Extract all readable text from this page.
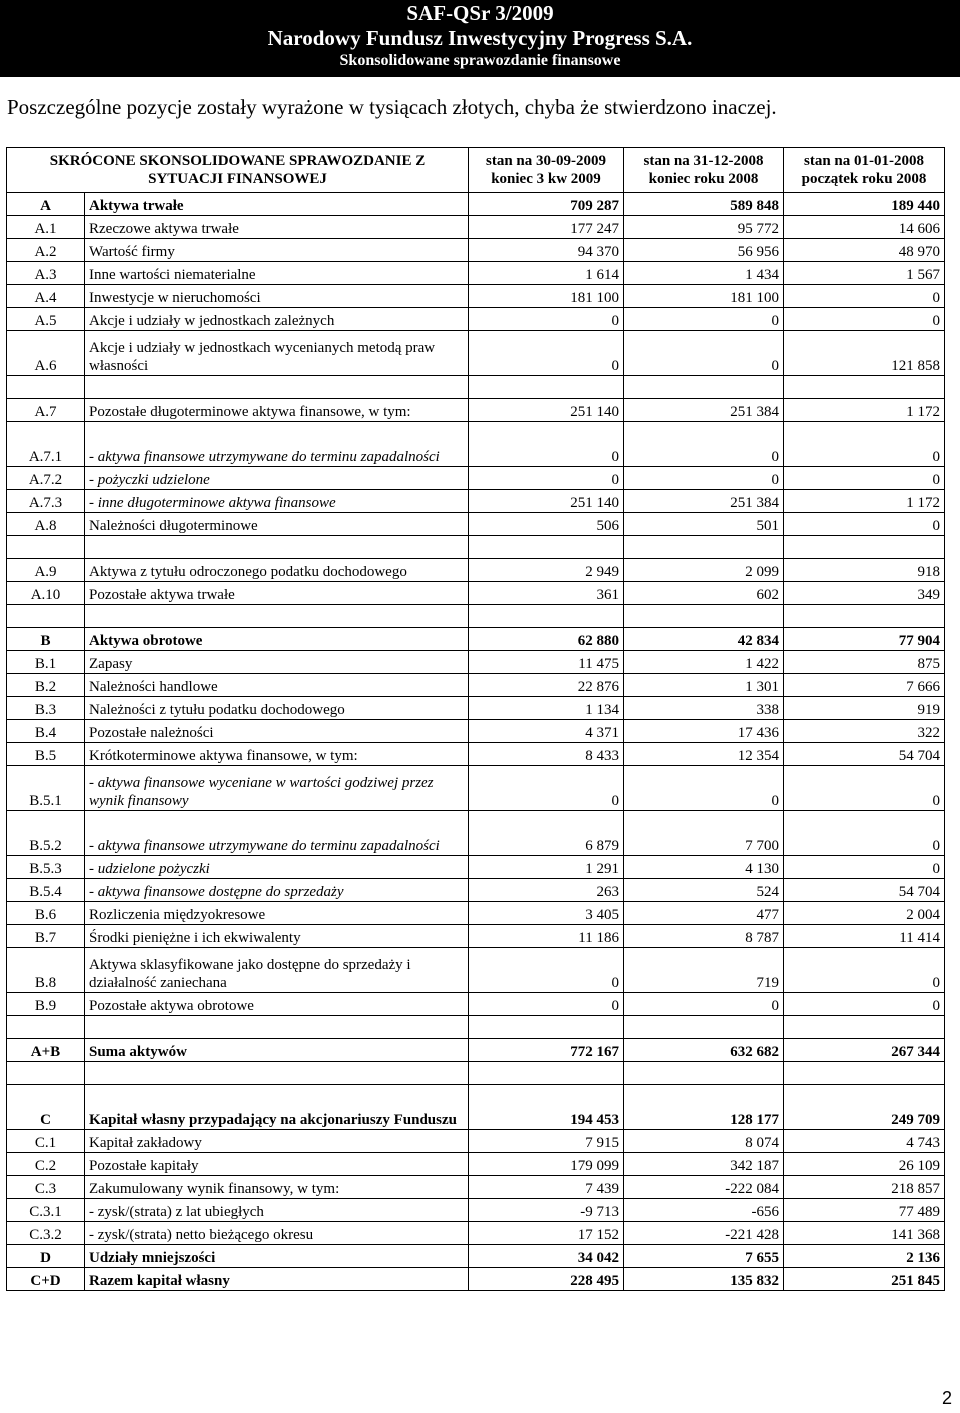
SAF-QSr 3/2009
Narodowy Fundusz Inwestycyjny Progress S.A.
Skonsolidowane sprawozdanie finansowe
Poszczególne pozycje zostały wyrażone w tysiącach złotych, chyba że stwierdzono inaczej.
SKRÓCONE SKONSOLIDOWANE SPRAWOZDANIE Z SYTUACJI FINANSOWEJ		stan na 30-09-2009 koniec 3 kw 2009	stan na 31-12-2008 koniec roku 2008	stan na 01-01-2008 początek roku 2008
A	Aktywa trwałe	709 287	589 848	189 440
A.1	Rzeczowe aktywa trwałe	177 247	95 772	14 606
A.2	Wartość firmy	94 370	56 956	48 970
A.3	Inne wartości niematerialne	1 614	1 434	1 567
A.4	Inwestycje w nieruchomości	181 100	181 100	0
A.5	Akcje i udziały w jednostkach zależnych	0	0	0
A.6	Akcje i udziały w jednostkach wycenianych metodą praw własności	0	0	121 858

A.7	Pozostałe długoterminowe aktywa finansowe, w tym:	251 140	251 384	1 172
A.7.1	- aktywa finansowe utrzymywane do terminu zapadalności	0	0	0
A.7.2	- pożyczki udzielone	0	0	0
A.7.3	- inne długoterminowe aktywa finansowe	251 140	251 384	1 172
A.8	Należności długoterminowe	506	501	0

A.9	Aktywa z tytułu odroczonego podatku dochodowego	2 949	2 099	918
A.10	Pozostałe aktywa trwałe	361	602	349

B	Aktywa obrotowe	62 880	42 834	77 904
B.1	Zapasy	11 475	1 422	875
B.2	Należności handlowe	22 876	1 301	7 666
B.3	Należności z tytułu podatku dochodowego	1 134	338	919
B.4	Pozostałe należności	4 371	17 436	322
B.5	Krótkoterminowe aktywa finansowe, w tym:	8 433	12 354	54 704
B.5.1	- aktywa finansowe wyceniane w wartości godziwej przez wynik finansowy	0	0	0
B.5.2	- aktywa finansowe utrzymywane do terminu zapadalności	6 879	7 700	0
B.5.3	- udzielone pożyczki	1 291	4 130	0
B.5.4	- aktywa finansowe dostępne do sprzedaży	263	524	54 704
B.6	Rozliczenia międzyokresowe	3 405	477	2 004
B.7	Środki pieniężne i ich ekwiwalenty	11 186	8 787	11 414
B.8	Aktywa sklasyfikowane jako dostępne do sprzedaży i działalność zaniechana	0	719	0
B.9	Pozostałe aktywa obrotowe	0	0	0

A+B	Suma aktywów	772 167	632 682	267 344

C	Kapitał własny przypadający na akcjonariuszy Funduszu	194 453	128 177	249 709
C.1	Kapitał zakładowy	7 915	8 074	4 743
C.2	Pozostałe kapitały	179 099	342 187	26 109
C.3	Zakumulowany wynik finansowy, w tym:	7 439	-222 084	218 857
C.3.1	- zysk/(strata) z lat ubiegłych	-9 713	-656	77 489
C.3.2	- zysk/(strata) netto bieżącego okresu	17 152	-221 428	141 368
D	Udziały mniejszości	34 042	7 655	2 136
C+D	Razem kapitał własny	228 495	135 832	251 845
2
